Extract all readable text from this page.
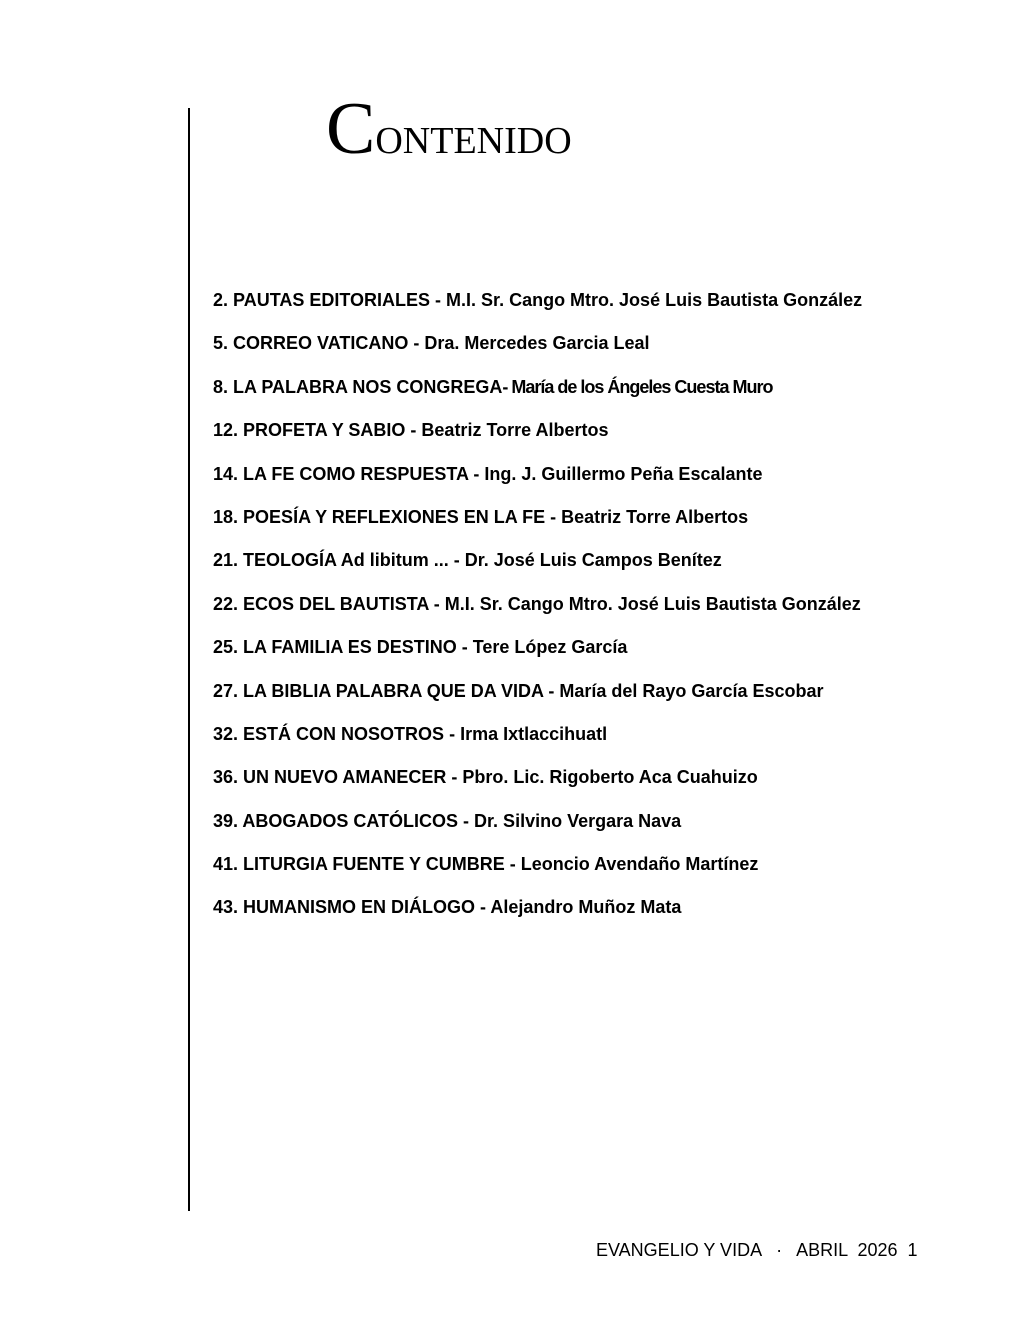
Contenido
2. PAUTAS EDITORIALES - M.I. Sr. Cango Mtro. José Luis Bautista González
5. CORREO VATICANO - Dra. Mercedes Garcia Leal
8. LA PALABRA NOS CONGREGA- María de los Ángeles Cuesta Muro
12. PROFETA Y SABIO - Beatriz Torre Albertos
14. LA FE COMO RESPUESTA - Ing. J. Guillermo Peña Escalante
18. POESÍA Y REFLEXIONES EN LA FE - Beatriz Torre Albertos
21. TEOLOGÍA Ad libitum ... - Dr. José Luis Campos Benítez
22. ECOS DEL BAUTISTA - M.I. Sr. Cango Mtro. José Luis Bautista González
25. LA FAMILIA ES DESTINO - Tere López García
27. LA BIBLIA PALABRA QUE DA VIDA - María del Rayo García Escobar
32. ESTÁ CON NOSOTROS - Irma Ixtlaccihuatl
36. UN NUEVO AMANECER - Pbro. Lic. Rigoberto Aca Cuahuizo
39. ABOGADOS CATÓLICOS - Dr. Silvino Vergara Nava
41. LITURGIA FUENTE Y CUMBRE - Leoncio Avendaño Martínez
43. HUMANISMO EN DIÁLOGO - Alejandro Muñoz Mata
EVANGELIO Y VIDA · ABRIL  2026 1
